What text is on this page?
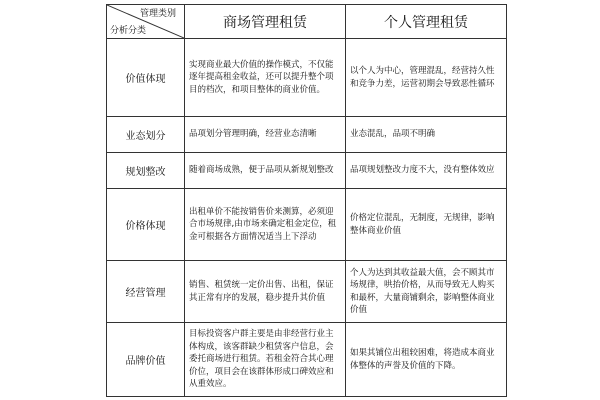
管理类别
分析分类	商场管理租赁	个人管理租赁
价值体现	实现商业最大价值的操作模式，不仅能逐年提高租金收益，还可以提升整个项目的档次，和项目整体的商业价值。	以个人为中心，管理混乱，经营持久性和竞争力差，运营初期会导致恶性循环
业态划分	品项划分管理明确，经营业态清晰	业态混乱，品项不明确
规划整改	随着商场成熟，便于品项从新规划整改	品项规划整改力度不大，没有整体效应
价格体现	出租单价不能按销售价来测算，必须迎合市场规律,由市场来确定租金定位，租金可根据各方面情况适当上下浮动	价格定位混乱，无制度，无规律，影响整体商业价值
经营管理	销售、租赁统一定价出售、出租，保证其正常有序的发展，稳步提升其价值	个人为达到其收益最大值，会不顾其市场规律，哄抬价格，从而导致无人购买和最杯，大量商铺剩余，影响整体商业价值
品牌价值	目标投资客户群主要是由非经营行业主体构成，该客群缺少租赁客户信息，会委托商场进行租赁。若租金符合其心理价位，项目会在该群体形成口碑效应和从重效应。	如果其铺位出租较困难，将造成本商业体整体的声誉及价值的下降。
